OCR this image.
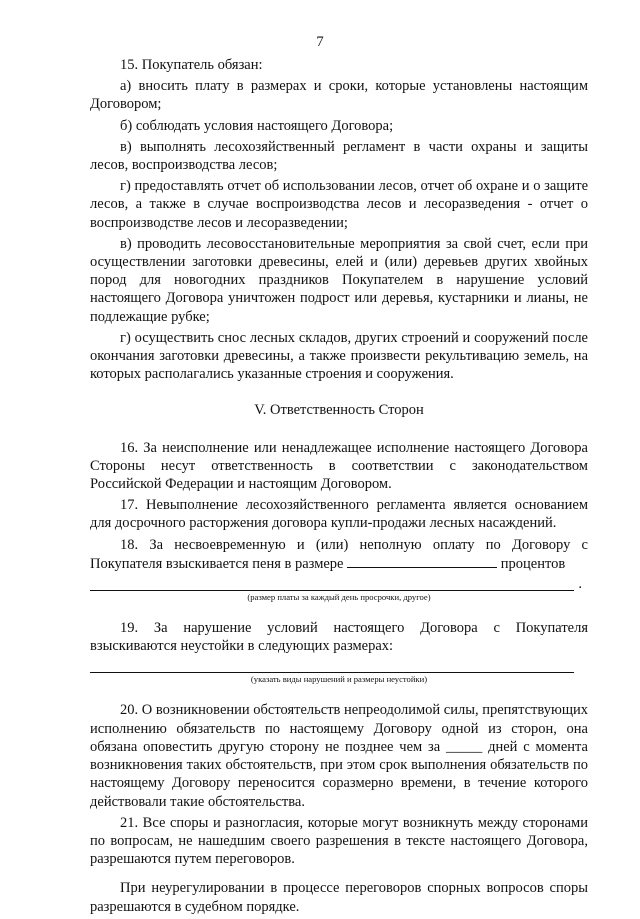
7

15. Покупатель обязан:

а) вносить плату в размерах и сроки, которые установлены настоящим Договором;

б) соблюдать условия настоящего Договора;

в) выполнять лесохозяйственный регламент в части охраны и защиты лесов, воспроизводства лесов;

г) предоставлять отчет об использовании лесов, отчет об охране и о защите лесов, а также в случае воспроизводства лесов и лесоразведения - отчет о воспроизводстве лесов и лесоразведении;

в) проводить лесовосстановительные мероприятия за свой счет, если при осуществлении заготовки древесины, елей и (или) деревьев других хвойных пород для новогодних праздников Покупателем в нарушение условий настоящего Договора уничтожен подрост или деревья, кустарники и лианы, не подлежащие рубке;

г) осуществить снос лесных складов, других строений и сооружений после окончания заготовки древесины, а также произвести рекультивацию земель, на которых располагались указанные строения и сооружения.

V. Ответственность Сторон

16. За неисполнение или ненадлежащее исполнение настоящего Договора Стороны несут ответственность в соответствии с законодательством Российской Федерации и настоящим Договором.

17. Невыполнение лесохозяйственного регламента является основанием для досрочного расторжения договора купли-продажи лесных насаждений.

18. За несвоевременную и (или) неполную оплату по Договору с Покупателя взыскивается пеня в размере	процентов

.
(размер платы за каждый день просрочки, другое)

19. За нарушение условий настоящего Договора с Покупателя взыскиваются неустойки в следующих размерах:

(указать виды нарушений и размеры неустойки)

20. О возникновении обстоятельств непреодолимой силы, препятствующих исполнению обязательств по настоящему Договору одной из сторон, она обязана оповестить другую сторону не позднее чем за _____ дней с момента возникновения таких обстоятельств, при этом срок выполнения обязательств по настоящему Договору переносится соразмерно времени, в течение которого действовали такие обстоятельства.

21. Все споры и разногласия, которые могут возникнуть между сторонами по вопросам, не нашедшим своего разрешения в тексте настоящего Договора, разрешаются путем переговоров.

При неурегулировании в процессе переговоров спорных вопросов споры разрешаются в судебном порядке.
